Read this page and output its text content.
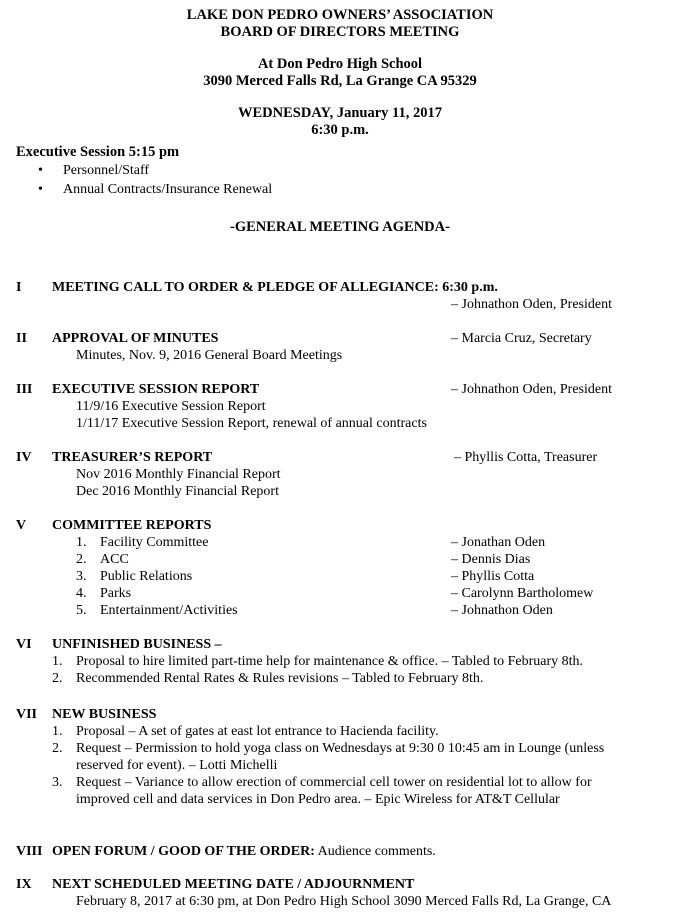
LAKE DON PEDRO OWNERS’ ASSOCIATION
BOARD OF DIRECTORS MEETING
At Don Pedro High School
3090 Merced Falls Rd, La Grange CA 95329
WEDNESDAY, January 11, 2017
6:30 p.m.
Executive Session 5:15 pm
• Personnel/Staff
• Annual Contracts/Insurance Renewal
-GENERAL MEETING AGENDA-
I MEETING CALL TO ORDER & PLEDGE OF ALLEGIANCE: 6:30 p.m.
– Johnathon Oden, President
II APPROVAL OF MINUTES	– Marcia Cruz, Secretary
Minutes, Nov. 9, 2016 General Board Meetings
III EXECUTIVE SESSION REPORT	– Johnathon Oden, President
11/9/16 Executive Session Report
1/11/17 Executive Session Report, renewal of annual contracts
IV TREASURER’S REPORT	– Phyllis Cotta, Treasurer
Nov 2016 Monthly Financial Report
Dec 2016 Monthly Financial Report
V COMMITTEE REPORTS
1. Facility Committee	– Jonathan Oden
2. ACC	– Dennis Dias
3. Public Relations	– Phyllis Cotta
4. Parks	– Carolynn Bartholomew
5. Entertainment/Activities	– Johnathon Oden
VI UNFINISHED BUSINESS –
1. Proposal to hire limited part-time help for maintenance & office. – Tabled to February 8th.
2. Recommended Rental Rates & Rules revisions – Tabled to February 8th.
VII NEW BUSINESS
1. Proposal – A set of gates at east lot entrance to Hacienda facility.
2. Request – Permission to hold yoga class on Wednesdays at 9:30 0 10:45 am in Lounge (unless
reserved for event). – Lotti Michelli
3. Request – Variance to allow erection of commercial cell tower on residential lot to allow for
improved cell and data services in Don Pedro area. – Epic Wireless for AT&T Cellular
VIII OPEN FORUM / GOOD OF THE ORDER: Audience comments.
IX NEXT SCHEDULED MEETING DATE / ADJOURNMENT
February 8, 2017 at 6:30 pm, at Don Pedro High School 3090 Merced Falls Rd, La Grange, CA
